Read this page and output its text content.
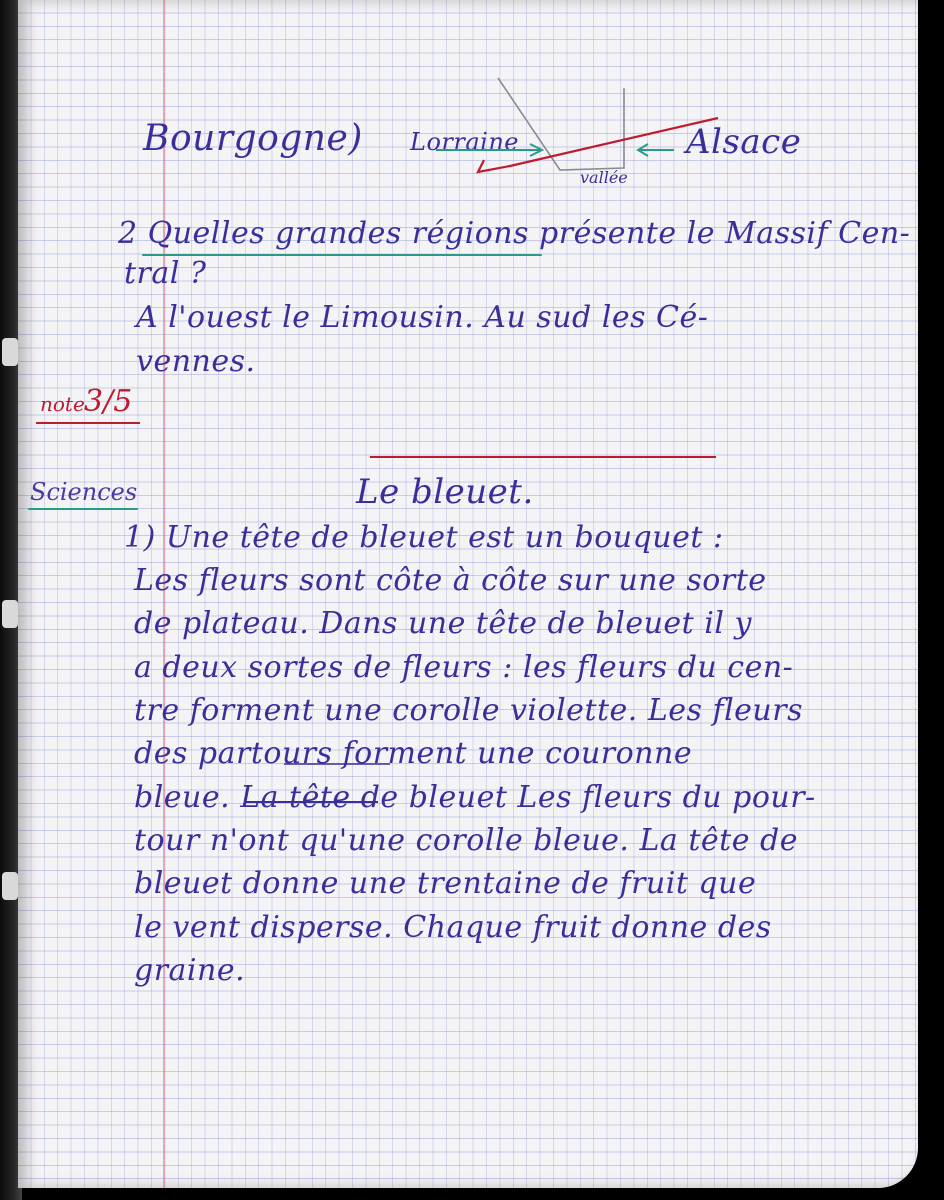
Bourgogne) Lorraine	Alsace
vallée
2 Quelles grandes régions présente le Massif Cen-
tral ?
A l'ouest le Limousin. Au sud les Cé-
vennes.
note 3/5
Sciences	Le bleuet.
1) Une tête de bleuet est un bouquet :
Les fleurs sont côte à côte sur une sorte
de plateau. Dans une tête de bleuet il y
a deux sortes de fleurs : les fleurs du cen-
tre forment une corolle violette. Les fleurs
des partours forment une couronne
bleue. La tête de bleuet Les fleurs du pour-
tour n'ont qu'une corolle bleue. La tête de
bleuet donne une trentaine de fruit que
le vent disperse. Chaque fruit donne des
graine.
